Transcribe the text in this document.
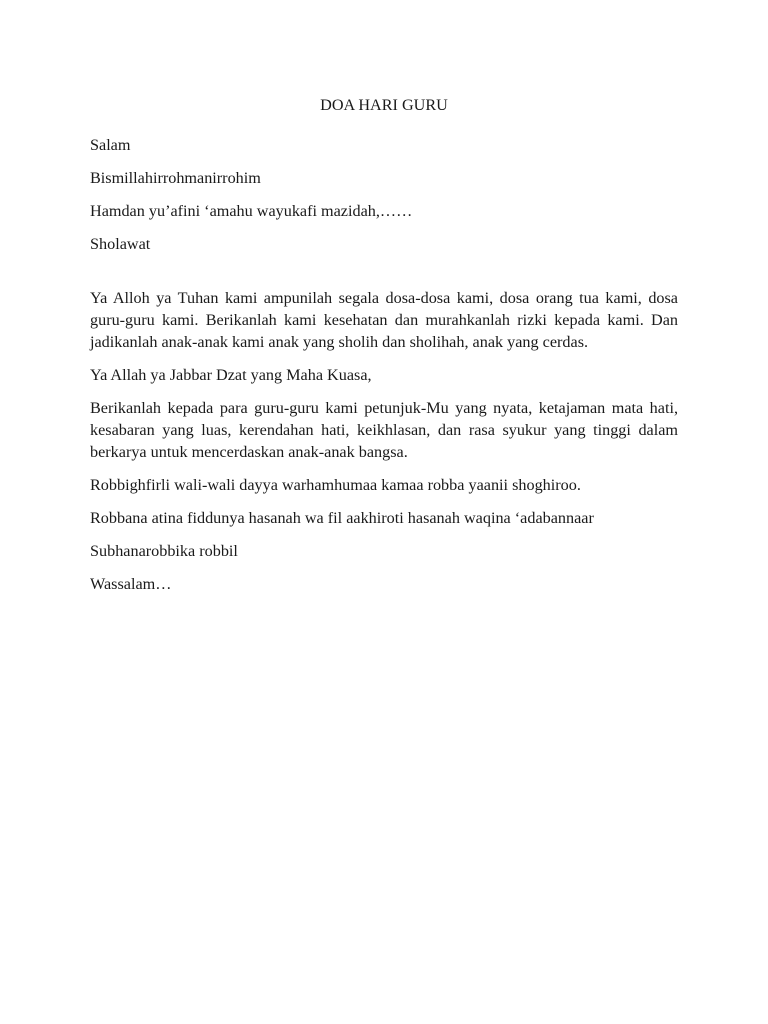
DOA HARI GURU

Salam

Bismillahirrohmanirrohim

Hamdan yu’afini ‘amahu wayukafi mazidah,……

Sholawat

Ya Alloh ya Tuhan kami ampunilah segala dosa-dosa kami, dosa orang tua kami, dosa guru-guru kami. Berikanlah kami kesehatan dan murahkanlah rizki kepada kami. Dan jadikanlah anak-anak kami anak yang sholih dan sholihah, anak yang cerdas.

Ya Allah ya Jabbar Dzat yang Maha Kuasa,

Berikanlah kepada para guru-guru kami petunjuk-Mu yang nyata, ketajaman mata hati, kesabaran yang luas, kerendahan hati, keikhlasan, dan rasa syukur yang tinggi dalam berkarya untuk mencerdaskan anak-anak bangsa.

Robbighfirli wali-wali dayya warhamhumaa kamaa robba yaanii shoghiroo.

Robbana atina fiddunya hasanah wa fil aakhiroti hasanah waqina ‘adabannaar

Subhanarobbika robbil

Wassalam…
